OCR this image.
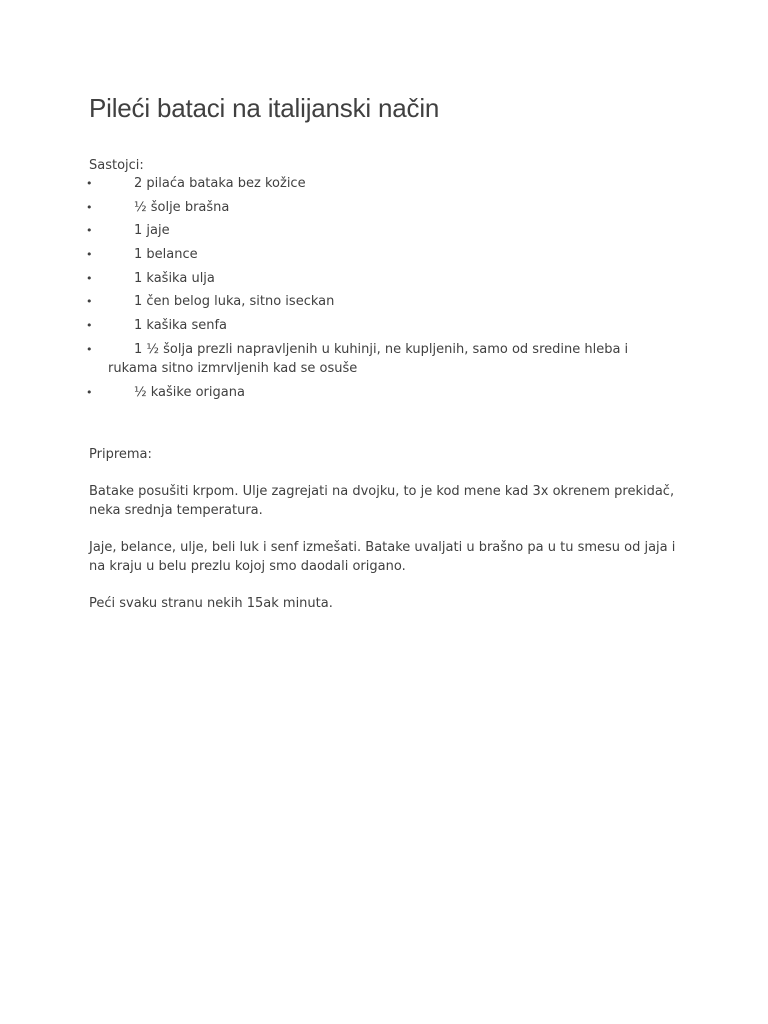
Pileći bataci na italijanski način
Sastojci:
•	2 pilaća bataka bez kožice
•	½ šolje brašna
•	1 jaje
•	1 belance
•	1 kašika ulja
•	1 čen belog luka, sitno iseckan
•	1 kašika senfa
•	1 ½ šolja prezli napravljenih u kuhinji, ne kupljenih, samo od sredine hleba i rukama sitno izmrvljenih kad se osuše
•	½ kašike origana
Priprema:

Batake posušiti krpom. Ulje zagrejati na dvojku, to je kod mene kad 3x okrenem prekidač, neka srednja temperatura.

Jaje, belance, ulje, beli luk i senf izmešati. Batake uvaljati u brašno pa u tu smesu od jaja i na kraju u belu prezlu kojoj smo daodali origano.

Peći svaku stranu nekih 15ak minuta.
